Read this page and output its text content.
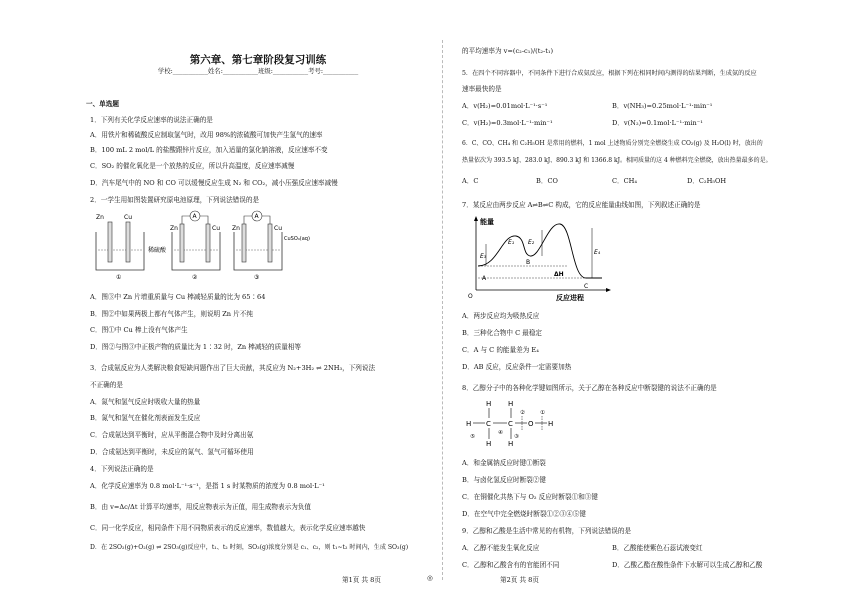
第六章、第七章阶段复习训练
学校:___________姓名:___________班级:___________考号:___________
一、单选题
1．下列有关化学反应速率的说法正确的是
A．用铁片和稀硫酸反应制取氢气时，改用 98%的浓硫酸可加快产生氢气的速率
B．100 mL 2 mol/L 的盐酸跟锌片反应，加入适量的氯化钠溶液，反应速率不变
C．SO₂ 的催化氧化是一个放热的反应，所以升高温度，反应速率减慢
D．汽车尾气中的 NO 和 CO 可以缓慢反应生成 N₂ 和 CO₂，减小压强反应速率减慢
2．一学生用如图装置研究原电池原理，下列说法错误的是
Zn	Cu
稀硫酸
①
A
Zn	Cu
②
A
Zn	Cu
CuSO₄(aq)
③
A．图③中 Zn 片增重质量与 Cu 棒减轻质量的比为 65∶64
B．图②中如果两极上都有气体产生，则说明 Zn 片不纯
C．图①中 Cu 棒上没有气体产生
D．图②与图③中正极产物的质量比为 1∶32 时，Zn 棒减轻的质量相等
3．合成氨反应为人类解决粮食短缺问题作出了巨大贡献，其反应为 N₂+3H₂ ⇌ 2NH₃，下列说法
不正确的是
A．氮气和氢气反应时吸收大量的热量
B．氮气和氢气在催化剂表面发生反应
C．合成氨达到平衡时，应从平衡混合物中及时分离出氨
D．合成氨达到平衡时，未反应的氮气、氢气可循环使用
4．下列说法正确的是
A．化学反应速率为 0.8 mol·L⁻¹·s⁻¹，是指 1 s 时某物质的浓度为 0.8 mol·L⁻¹
B．由 v=Δc/Δt 计算平均速率，用反应物表示为正值，用生成物表示为负值
C．同一化学反应，相同条件下用不同物质表示的反应速率，数值越大，表示化学反应速率越快
D．在 2SO₂(g)+O₂(g) ⇌ 2SO₃(g)反应中，t₁、t₂ 时刻，SO₃(g)浓度分别是 c₁、c₂，则 t₁~t₂ 时间内，生成 SO₃(g)
的平均速率为 v=(c₂-c₁)/(t₂-t₁)
5．在四个不同容器中，不同条件下进行合成氨反应，根据下列在相同时间内测得的结果判断，生成氨的反应
速率最快的是
A．v(H₂)=0.01mol·L⁻¹·s⁻¹	B．v(NH₃)=0.25mol·L⁻¹·min⁻¹
C．v(H₂)=0.3mol·L⁻¹·min⁻¹	D．v(N₂)=0.1mol·L⁻¹·min⁻¹
6．C、CO、CH₄ 和 C₂H₅OH 是常用的燃料，1 mol 上述物质分别完全燃烧生成 CO₂(g) 及 H₂O(l) 时，放出的
热量依次为 393.5 kJ、283.0 kJ、890.3 kJ 和 1366.8 kJ。相同质量的这 4 种燃料完全燃烧，放出热量最多的是。
A．C	B．CO	C．CH₄	D．C₂H₅OH
7．某反应由两步反应 A⇌B⇌C 构成，它的反应能量曲线如图，下列叙述正确的是
能量
反应进程
O
E₁ E₂
E₃
E₄
ΔH
A
B
C
A．两步反应均为吸热反应
B．三种化合物中 C 最稳定
C．A 与 C 的能量差为 E₄
D．AB 反应，反应条件一定需要加热
8．乙醇分子中的各种化学键如图所示，关于乙醇在各种反应中断裂键的说法不正确的是
H H
H C C O H
H H
①
②
③
④
⑤
A．和金属钠反应时键①断裂
B．与卤化氢反应时断裂②键
C．在铜催化共热下与 O₂ 反应时断裂①和③键
D．在空气中完全燃烧时断裂①②③④⑤键
9．乙醇和乙酸是生活中常见的有机物，下列说法错误的是
A．乙醇不能发生氧化反应	B．乙酸能使紫色石蕊试液变红
C．乙醇和乙酸含有的官能团不同	D．乙酸乙酯在酸性条件下水解可以生成乙醇和乙酸
第1页 共 8页	◎	第2页 共 8页
